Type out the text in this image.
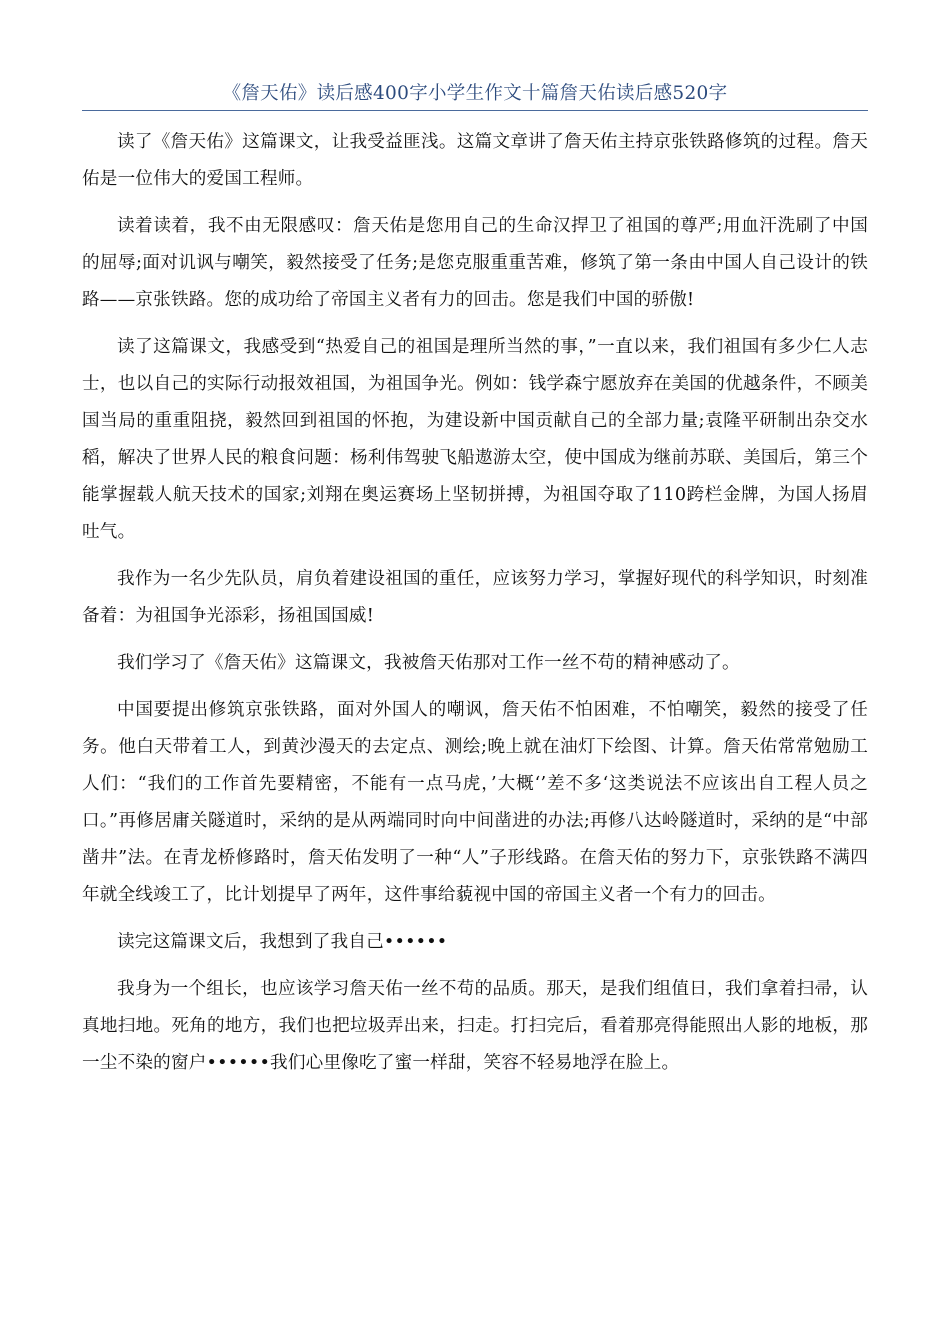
《詹天佑》读后感400字小学生作文十篇詹天佑读后感520字

读了《詹天佑》这篇课文，让我受益匪浅。这篇文章讲了詹天佑主持京张铁路修筑的过程。詹天佑是一位伟大的爱国工程师。

读着读着，我不由无限感叹：詹天佑是您用自己的生命汉捍卫了祖国的尊严;用血汗洗刷了中国的屈辱;面对讥讽与嘲笑，毅然接受了任务;是您克服重重苦难，修筑了第一条由中国人自己设计的铁路——京张铁路。您的成功给了帝国主义者有力的回击。您是我们中国的骄傲!

读了这篇课文，我感受到“热爱自己的祖国是理所当然的事，”一直以来，我们祖国有多少仁人志士，也以自己的实际行动报效祖国，为祖国争光。例如：钱学森宁愿放弃在美国的优越条件，不顾美国当局的重重阻挠，毅然回到祖国的怀抱，为建设新中国贡献自己的全部力量;袁隆平研制出杂交水稻，解决了世界人民的粮食问题：杨利伟驾驶飞船遨游太空，使中国成为继前苏联、美国后，第三个能掌握载人航天技术的国家;刘翔在奥运赛场上坚韧拼搏，为祖国夺取了110跨栏金牌，为国人扬眉吐气。

我作为一名少先队员，肩负着建设祖国的重任，应该努力学习，掌握好现代的科学知识，时刻准备着：为祖国争光添彩，扬祖国国威!

我们学习了《詹天佑》这篇课文，我被詹天佑那对工作一丝不苟的精神感动了。

中国要提出修筑京张铁路，面对外国人的嘲讽，詹天佑不怕困难，不怕嘲笑，毅然的接受了任务。他白天带着工人，到黄沙漫天的去定点、测绘;晚上就在油灯下绘图、计算。詹天佑常常勉励工人们：“我们的工作首先要精密，不能有一点马虎，’大概‘’差不多‘这类说法不应该出自工程人员之口。”再修居庸关隧道时，采纳的是从两端同时向中间凿进的办法;再修八达岭隧道时，采纳的是“中部凿井”法。在青龙桥修路时，詹天佑发明了一种“人”子形线路。在詹天佑的努力下，京张铁路不满四年就全线竣工了，比计划提早了两年，这件事给藐视中国的帝国主义者一个有力的回击。

读完这篇课文后，我想到了我自己••••••

我身为一个组长，也应该学习詹天佑一丝不苟的品质。那天，是我们组值日，我们拿着扫帚，认真地扫地。死角的地方，我们也把垃圾弄出来，扫走。打扫完后，看着那亮得能照出人影的地板，那一尘不染的窗户••••••我们心里像吃了蜜一样甜，笑容不轻易地浮在脸上。
